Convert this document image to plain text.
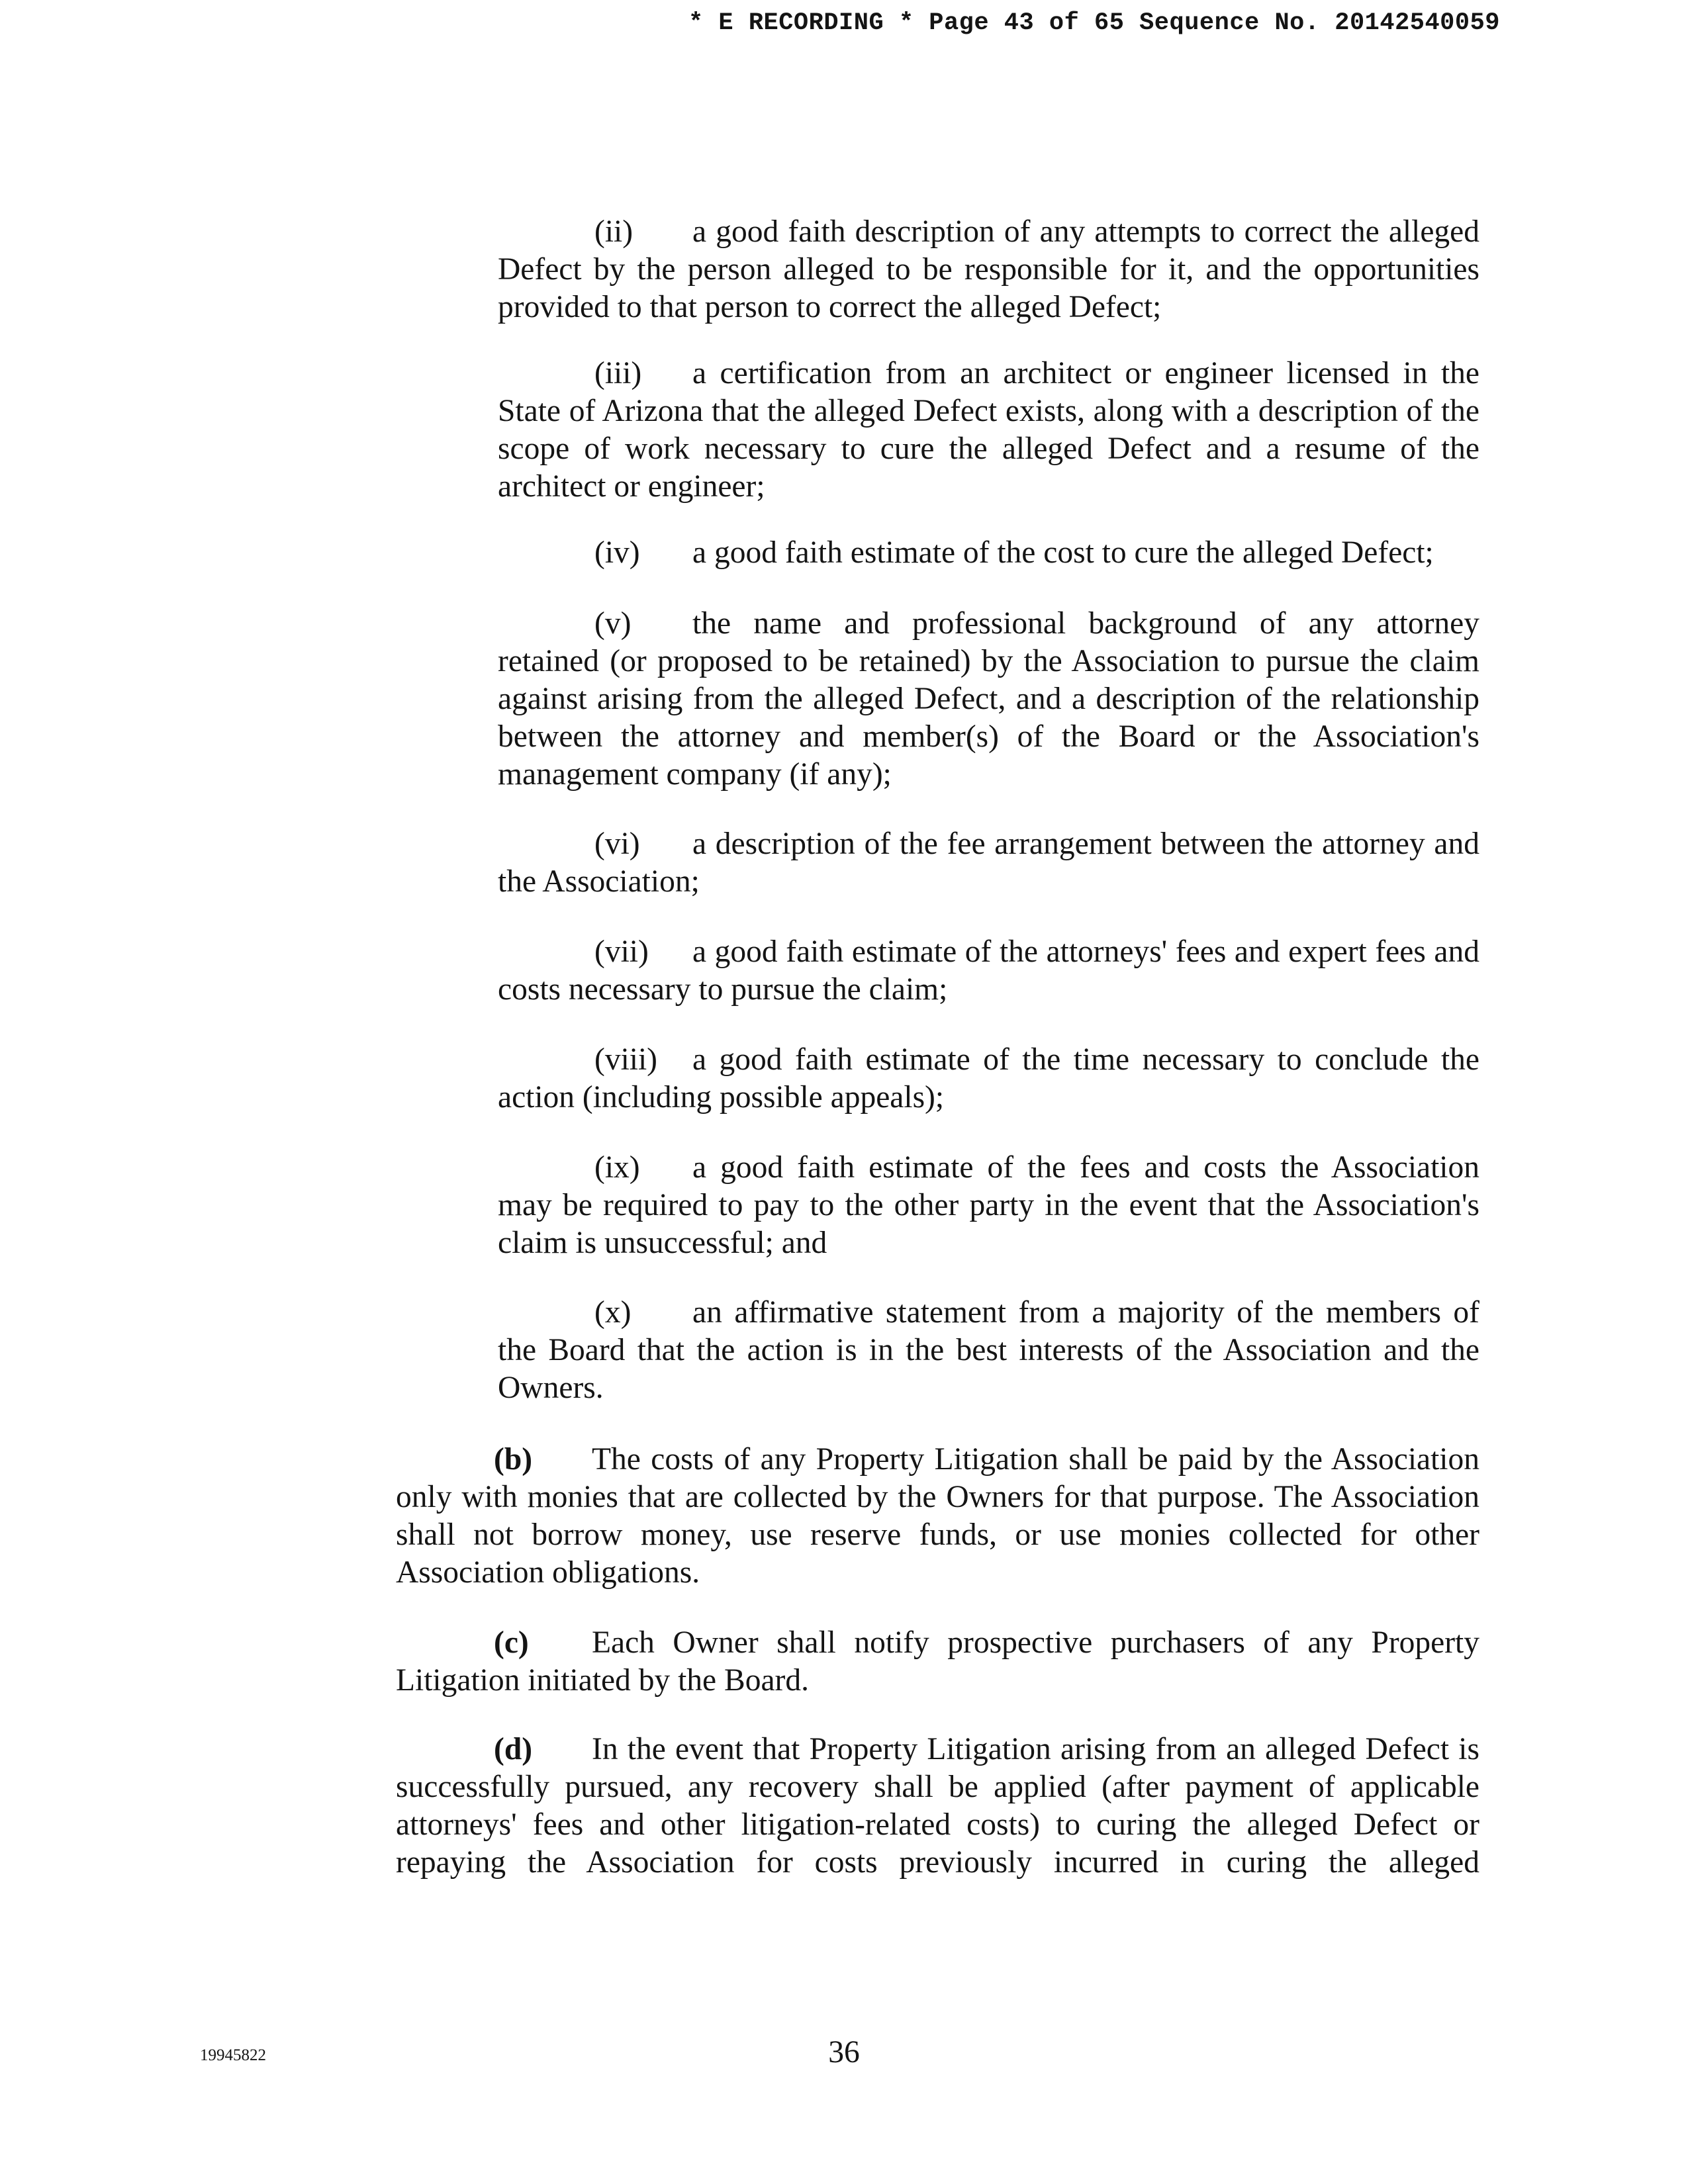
* E RECORDING * Page 43 of 65 Sequence No. 20142540059

(ii) a good faith description of any attempts to correct the alleged Defect by the person alleged to be responsible for it, and the opportunities provided to that person to correct the alleged Defect;

(iii) a certification from an architect or engineer licensed in the State of Arizona that the alleged Defect exists, along with a description of the scope of work necessary to cure the alleged Defect and a resume of the architect or engineer;

(iv) a good faith estimate of the cost to cure the alleged Defect;

(v) the name and professional background of any attorney retained (or proposed to be retained) by the Association to pursue the claim against arising from the alleged Defect, and a description of the relationship between the attorney and member(s) of the Board or the Association's management company (if any);

(vi) a description of the fee arrangement between the attorney and the Association;

(vii) a good faith estimate of the attorneys' fees and expert fees and costs necessary to pursue the claim;

(viii) a good faith estimate of the time necessary to conclude the action (including possible appeals);

(ix) a good faith estimate of the fees and costs the Association may be required to pay to the other party in the event that the Association's claim is unsuccessful; and

(x) an affirmative statement from a majority of the members of the Board that the action is in the best interests of the Association and the Owners.

(b) The costs of any Property Litigation shall be paid by the Association only with monies that are collected by the Owners for that purpose. The Association shall not borrow money, use reserve funds, or use monies collected for other Association obligations.

(c) Each Owner shall notify prospective purchasers of any Property Litigation initiated by the Board.

(d) In the event that Property Litigation arising from an alleged Defect is successfully pursued, any recovery shall be applied (after payment of applicable attorneys' fees and other litigation-related costs) to curing the alleged Defect or repaying the Association for costs previously incurred in curing the alleged

19945822	36
